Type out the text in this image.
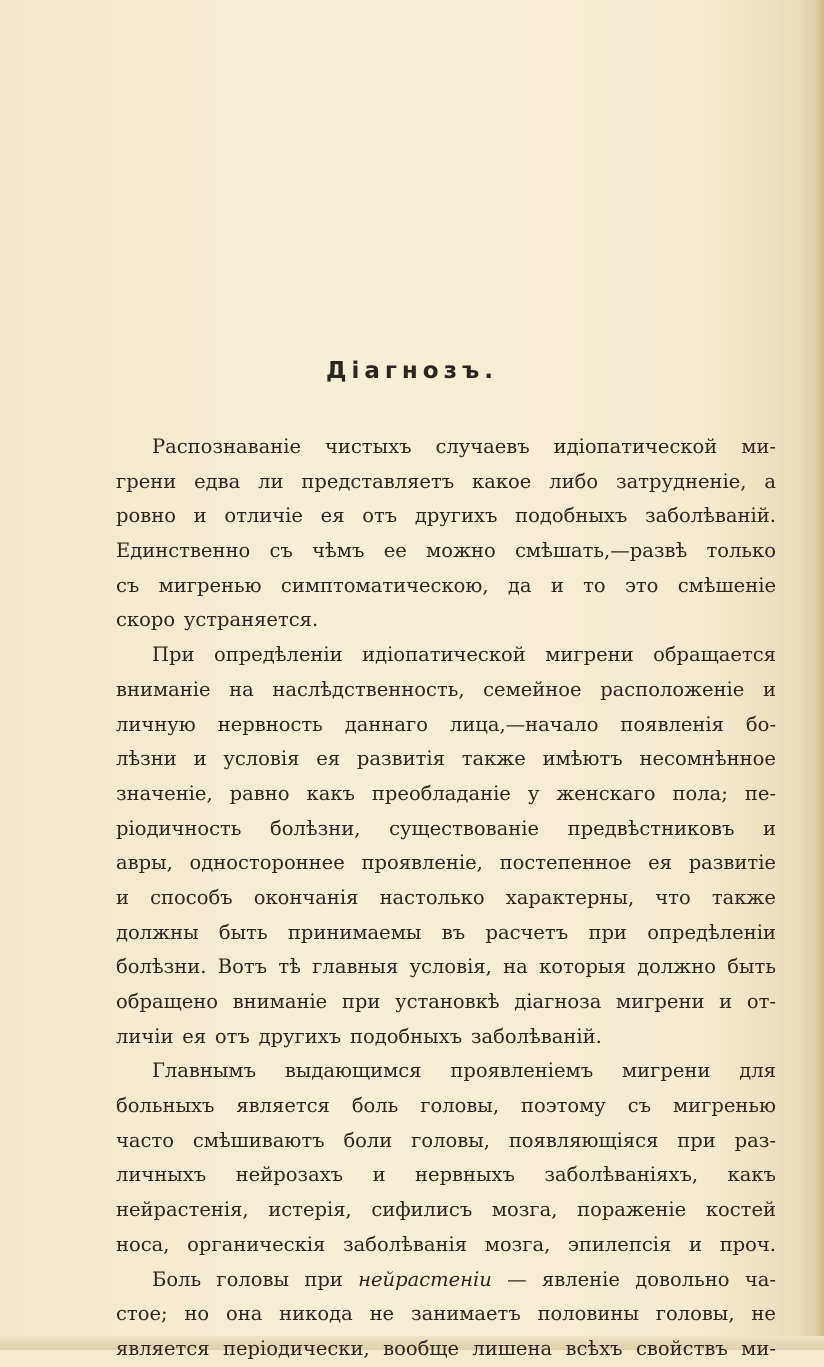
Діагнозъ.
Распознаваніе чистыхъ случаевъ идіопатической ми-
грени едва ли представляетъ какое либо затрудненіе, а
ровно и отличіе ея отъ другихъ подобныхъ заболѣваній.
Единственно съ чѣмъ ее можно смѣшать,—развѣ только
съ мигренью симптоматическою, да и то это смѣшеніе
скоро устраняется.
При опредѣленіи идіопатической мигрени обращается
вниманіе на наслѣдственность, семейное расположеніе и
личную нервность даннаго лица,—начало появленія бо-
лѣзни и условія ея развитія также имѣютъ несомнѣнное
значеніе, равно какъ преобладаніе у женскаго пола; пе-
ріодичность болѣзни, существованіе предвѣстниковъ и
авры, одностороннее проявленіе, постепенное ея развитіе
и способъ окончанія настолько характерны, что также
должны быть принимаемы въ расчетъ при опредѣленіи
болѣзни. Вотъ тѣ главныя условія, на которыя должно быть
обращено вниманіе при установкѣ діагноза мигрени и от-
личіи ея отъ другихъ подобныхъ заболѣваній.
Главнымъ выдающимся проявленіемъ мигрени для
больныхъ является боль головы, поэтому съ мигренью
часто смѣшиваютъ боли головы, появляющіяся при раз-
личныхъ нейрозахъ и нервныхъ заболѣваніяхъ, какъ
нейрастенія, истерія, сифилисъ мозга, пораженіе костей
носа, органическія заболѣванія мозга, эпилепсія и проч.
Боль головы при нейрастеніи — явленіе довольно ча-
стое; но она никода не занимаетъ половины головы, не
является періодически, вообще лишена всѣхъ свойствъ ми-
